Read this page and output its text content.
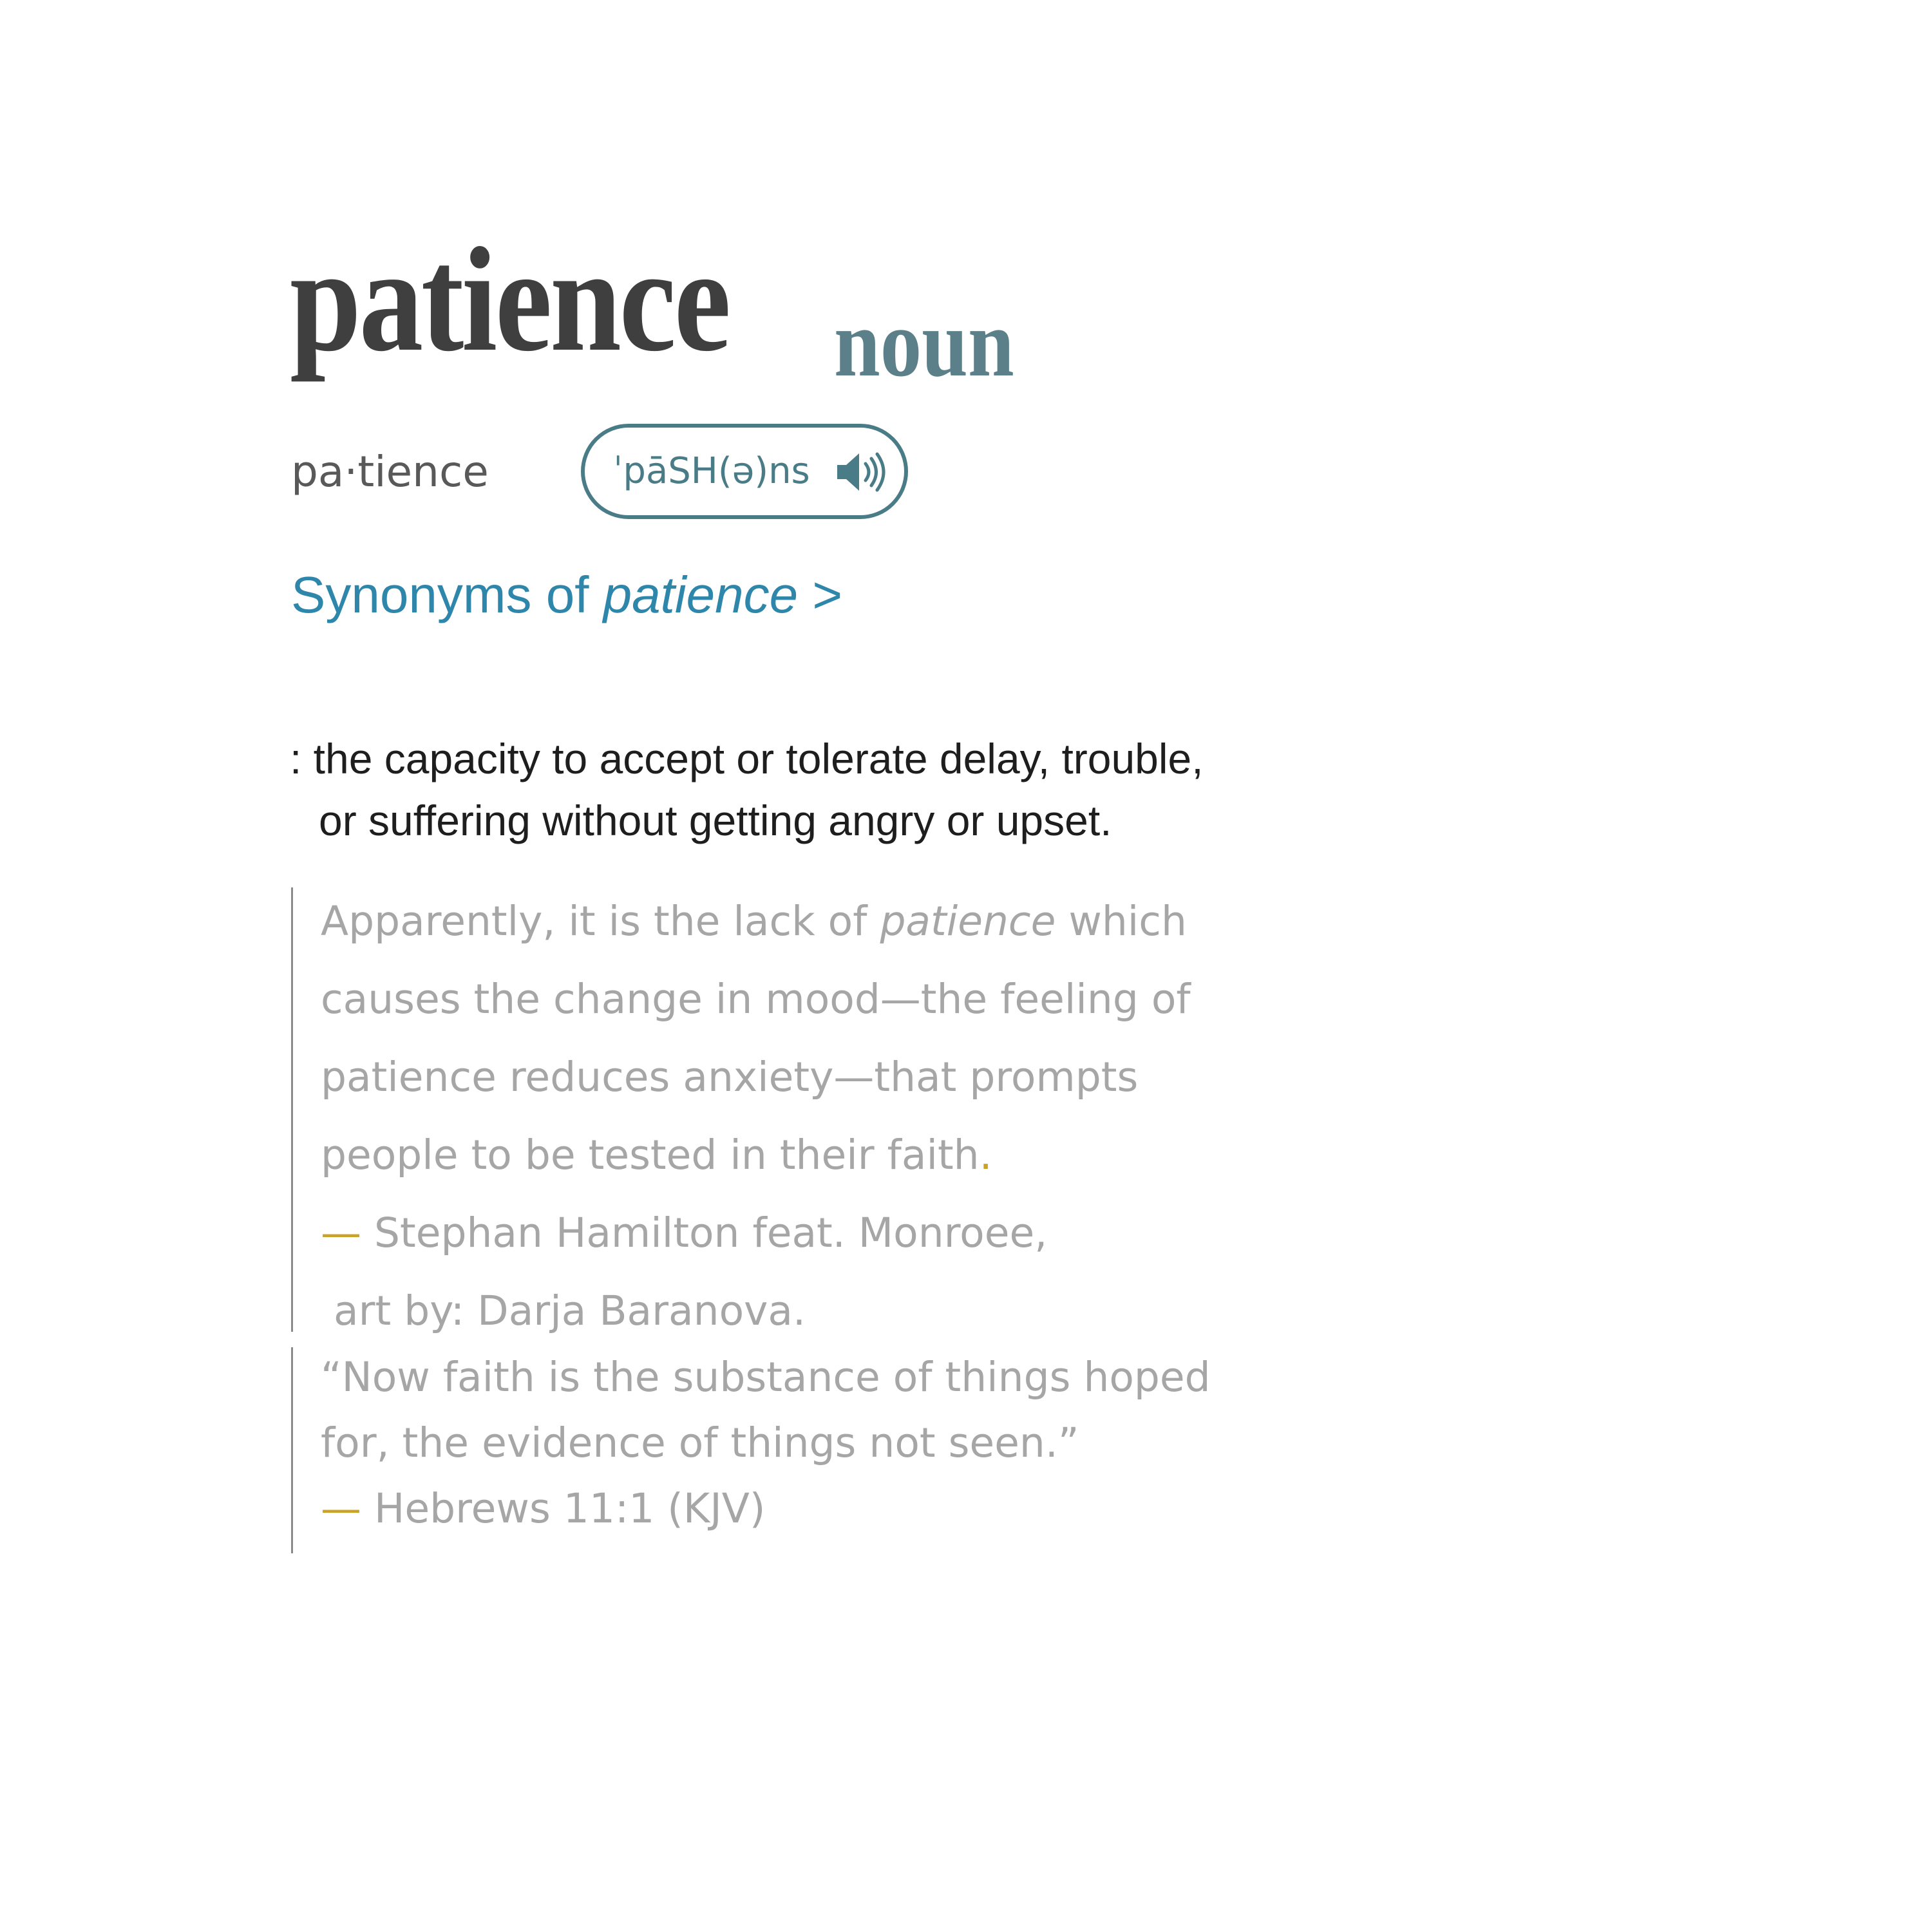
patience noun
pa·tience	ˈpāSH(ə)ns
Synonyms of patience >
: the capacity to accept or tolerate delay, trouble,
or suffering without getting angry or upset.
Apparently, it is the lack of patience which
causes the change in mood—the feeling of
patience reduces anxiety—that prompts
people to be tested in their faith.
— Stephan Hamilton feat. Monroee,
art by: Darja Baranova.
“Now faith is the substance of things hoped
for, the evidence of things not seen.”
— Hebrews 11:1 (KJV)
